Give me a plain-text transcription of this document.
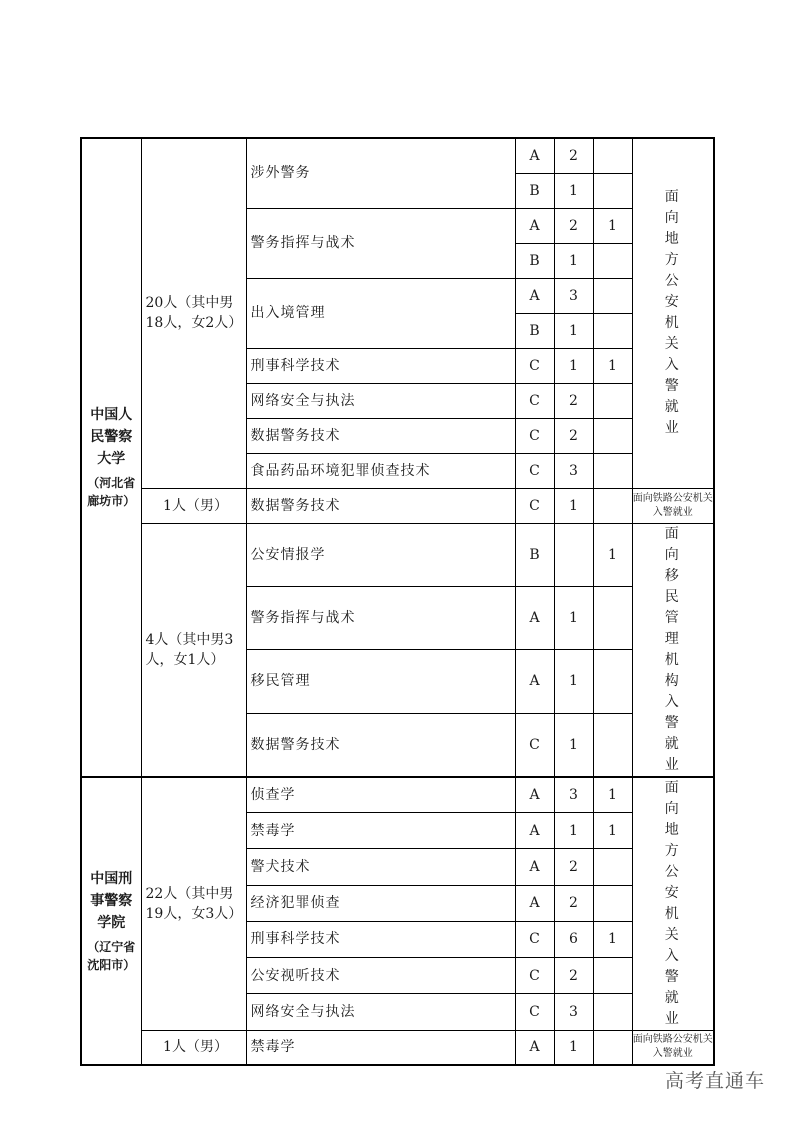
中国人民警察大学
（河北省廊坊市）	20人（其中男18人，女2人）	涉外警务	A	2		面向地方公安机关入警就业
			B	1		
		警务指挥与战术	A	2	1	
			B	1		
		出入境管理	A	3		
			B	1		
		刑事科学技术	C	1	1	
		网络安全与执法	C	2		
		数据警务技术	C	2		
		食品药品环境犯罪侦查技术	C	3		
	1人（男）	数据警务技术	C	1		面向铁路公安机关入警就业
	4人（其中男3人，女1人）	公安情报学	B		1	面向移民管理机构入警就业
		警务指挥与战术	A	1		
		移民管理	A	1		
		数据警务技术	C	1		

中国刑事警察学院
（辽宁省沈阳市）	22人（其中男19人，女3人）	侦查学	A	3	1	面向地方公安机关入警就业
		禁毒学	A	1	1	
		警犬技术	A	2		
		经济犯罪侦查	A	2		
		刑事科学技术	C	6	1	
		公安视听技术	C	2		
		网络安全与执法	C	3		
	1人（男）	禁毒学	A	1		面向铁路公安机关入警就业
高考直通车
